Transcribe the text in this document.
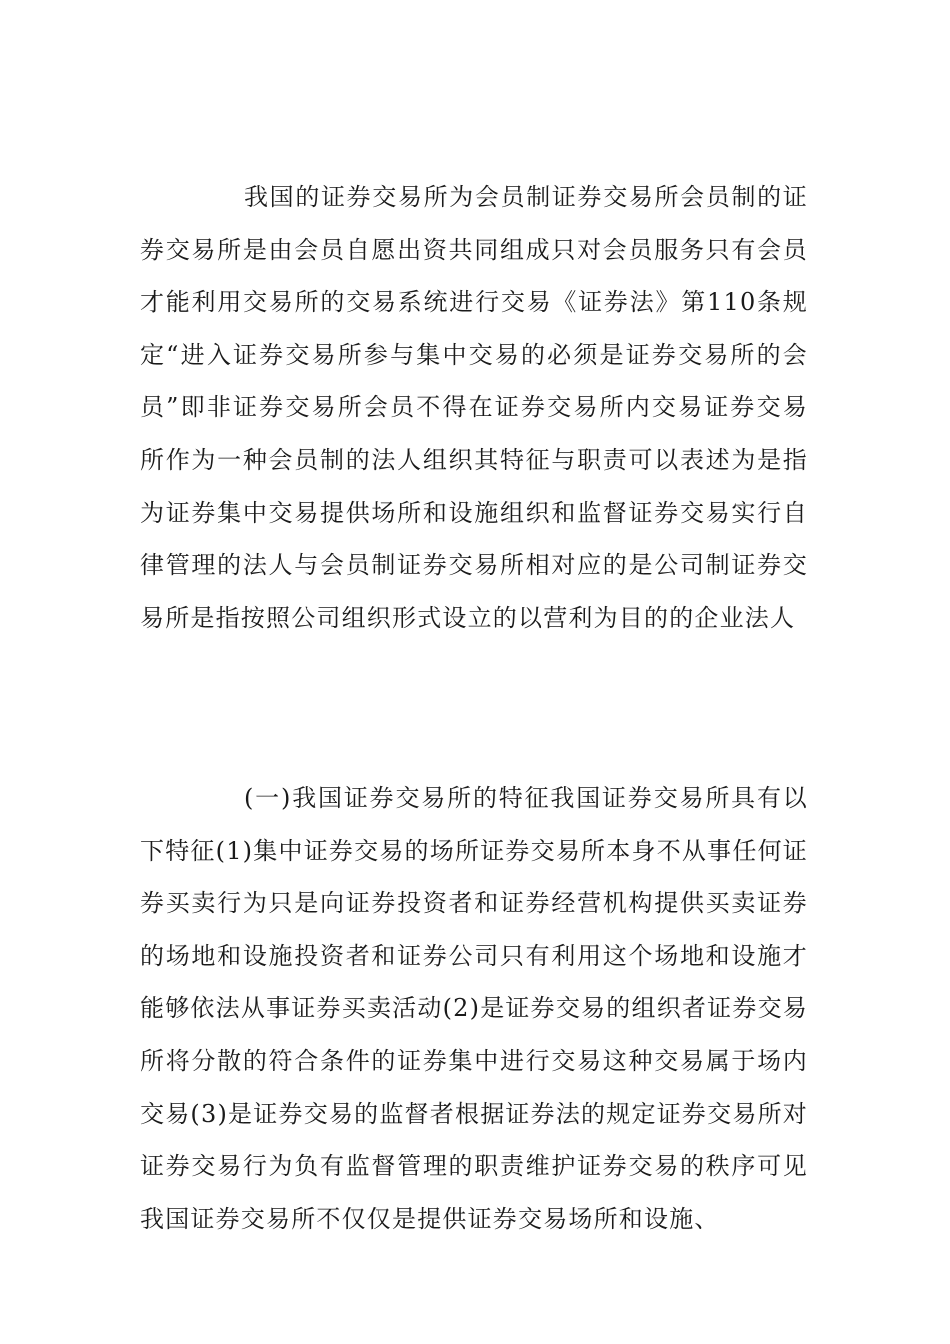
我国的证券交易所为会员制证券交易所会员制的证券交易所是由会员自愿出资共同组成只对会员服务只有会员才能利用交易所的交易系统进行交易《证券法》第110条规定“进入证券交易所参与集中交易的必须是证券交易所的会员”即非证券交易所会员不得在证券交易所内交易证券交易所作为一种会员制的法人组织其特征与职责可以表述为是指为证券集中交易提供场所和设施组织和监督证券交易实行自律管理的法人与会员制证券交易所相对应的是公司制证券交易所是指按照公司组织形式设立的以营利为目的的企业法人

(一)我国证券交易所的特征我国证券交易所具有以下特征(1)集中证券交易的场所证券交易所本身不从事任何证券买卖行为只是向证券投资者和证券经营机构提供买卖证券的场地和设施投资者和证券公司只有利用这个场地和设施才能够依法从事证券买卖活动(2)是证券交易的组织者证券交易所将分散的符合条件的证券集中进行交易这种交易属于场内交易(3)是证券交易的监督者根据证券法的规定证券交易所对证券交易行为负有监督管理的职责维护证券交易的秩序可见我国证券交易所不仅仅是提供证券交易场所和设施、
